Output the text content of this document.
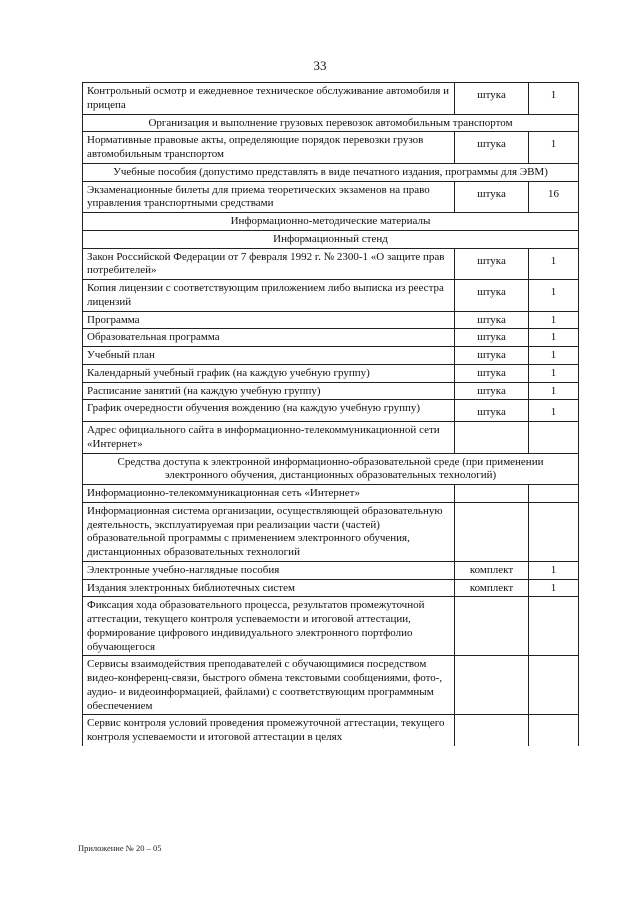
33
Контрольный осмотр и ежедневное техническое обслуживание автомобиля и прицепа	штука	1
Организация и выполнение грузовых перевозок автомобильным транспортом		
Нормативные правовые акты, определяющие порядок перевозки грузов автомобильным транспортом	штука	1
Учебные пособия (допустимо представлять в виде печатного издания, программы для ЭВМ)		
Экзаменационные билеты для приема теоретических экзаменов на право управления транспортными средствами	штука	16
Информационно-методические материалы		
Информационный стенд		
Закон Российской Федерации от 7 февраля 1992 г. № 2300-1 «О защите прав потребителей»	штука	1
Копия лицензии с соответствующим приложением либо выписка из реестра лицензий	штука	1
Программа	штука	1
Образовательная программа	штука	1
Учебный план	штука	1
Календарный учебный график (на каждую учебную группу)	штука	1
Расписание занятий (на каждую учебную группу)	штука	1
График очередности обучения вождению (на каждую учебную группу)	штука	1
Адрес официального сайта в информационно-телекоммуникационной сети «Интернет»		
Средства доступа к электронной информационно-образовательной среде (при применении электронного обучения, дистанционных образовательных технологий)		
Информационно-телекоммуникационная сеть «Интернет»		
Информационная система организации, осуществляющей образовательную деятельность, эксплуатируемая при реализации части (частей) образовательной программы с применением электронного обучения, дистанционных образовательных технологий		
Электронные учебно-наглядные пособия	комплект	1
Издания электронных библиотечных систем	комплект	1
Фиксация хода образовательного процесса, результатов промежуточной аттестации, текущего контроля успеваемости и итоговой аттестации, формирование цифрового индивидуального электронного портфолио обучающегося		
Сервисы взаимодействия преподавателей с обучающимися посредством видео-конференц-связи, быстрого обмена текстовыми сообщениями, фото-, аудио- и видеоинформацией, файлами) с соответствующим программным обеспечением		
Сервис контроля условий проведения промежуточной аттестации, текущего контроля успеваемости и итоговой аттестации в целях		
Приложение № 20 – 05
